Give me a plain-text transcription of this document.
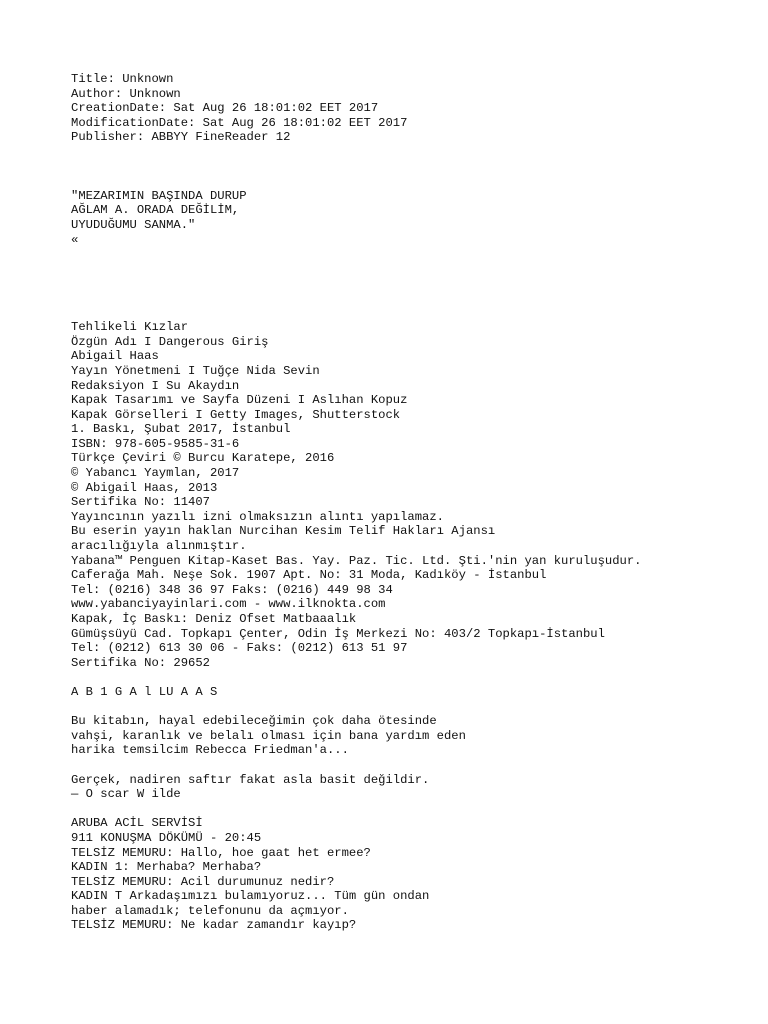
Title: Unknown
Author: Unknown
CreationDate: Sat Aug 26 18:01:02 EET 2017
ModificationDate: Sat Aug 26 18:01:02 EET 2017
Publisher: ABBYY FineReader 12
"MEZARIMIN BAŞINDA DURUP
AĞLAM A. ORADA DEĞİLİM,
UYUDUĞUMU SANMA."
«
Tehlikeli Kızlar
Özgün Adı I Dangerous Giriş
Abigail Haas
Yayın Yönetmeni I Tuğçe Nida Sevin
Redaksiyon I Su Akaydın
Kapak Tasarımı ve Sayfa Düzeni I Aslıhan Kopuz
Kapak Görselleri I Getty Images, Shutterstock
1. Baskı, Şubat 2017, İstanbul
ISBN: 978-605-9585-31-6
Türkçe Çeviri © Burcu Karatepe, 2016
© Yabancı Yaymlan, 2017
© Abigail Haas, 2013
Sertifika No: 11407
Yayıncının yazılı izni olmaksızın alıntı yapılamaz.
Bu eserin yayın haklan Nurcihan Kesim Telif Hakları Ajansı
aracılığıyla alınmıştır.
Yabana™ Penguen Kitap-Kaset Bas. Yay. Paz. Tic. Ltd. Şti.'nin yan kuruluşudur.
Caferağa Mah. Neşe Sok. 1907 Apt. No: 31 Moda, Kadıköy - İstanbul
Tel: (0216) 348 36 97 Faks: (0216) 449 98 34
www.yabanciyayinlari.com - www.ilknokta.com
Kapak, İç Baskı: Deniz Ofset Matbaaalık
Gümüşsüyü Cad. Topkapı Çenter, Odin İş Merkezi No: 403/2 Topkapı-İstanbul
Tel: (0212) 613 30 06 - Faks: (0212) 613 51 97
Sertifika No: 29652
A B 1 G A l LU A A S
Bu kitabın, hayal edebileceğimin çok daha ötesinde
vahşi, karanlık ve belalı olması için bana yardım eden
harika temsilcim Rebecca Friedman'a...
Gerçek, nadiren saftır fakat asla basit değildir.
— O scar W ilde
ARUBA ACİL SERVİSİ
911 KONUŞMA DÖKÜMÜ - 20:45
TELSİZ MEMURU: Hallo, hoe gaat het ermee?
KADIN 1: Merhaba? Merhaba?
TELSİZ MEMURU: Acil durumunuz nedir?
KADIN T Arkadaşımızı bulamıyoruz... Tüm gün ondan
haber alamadık; telefonunu da açmıyor.
TELSİZ MEMURU: Ne kadar zamandır kayıp?
